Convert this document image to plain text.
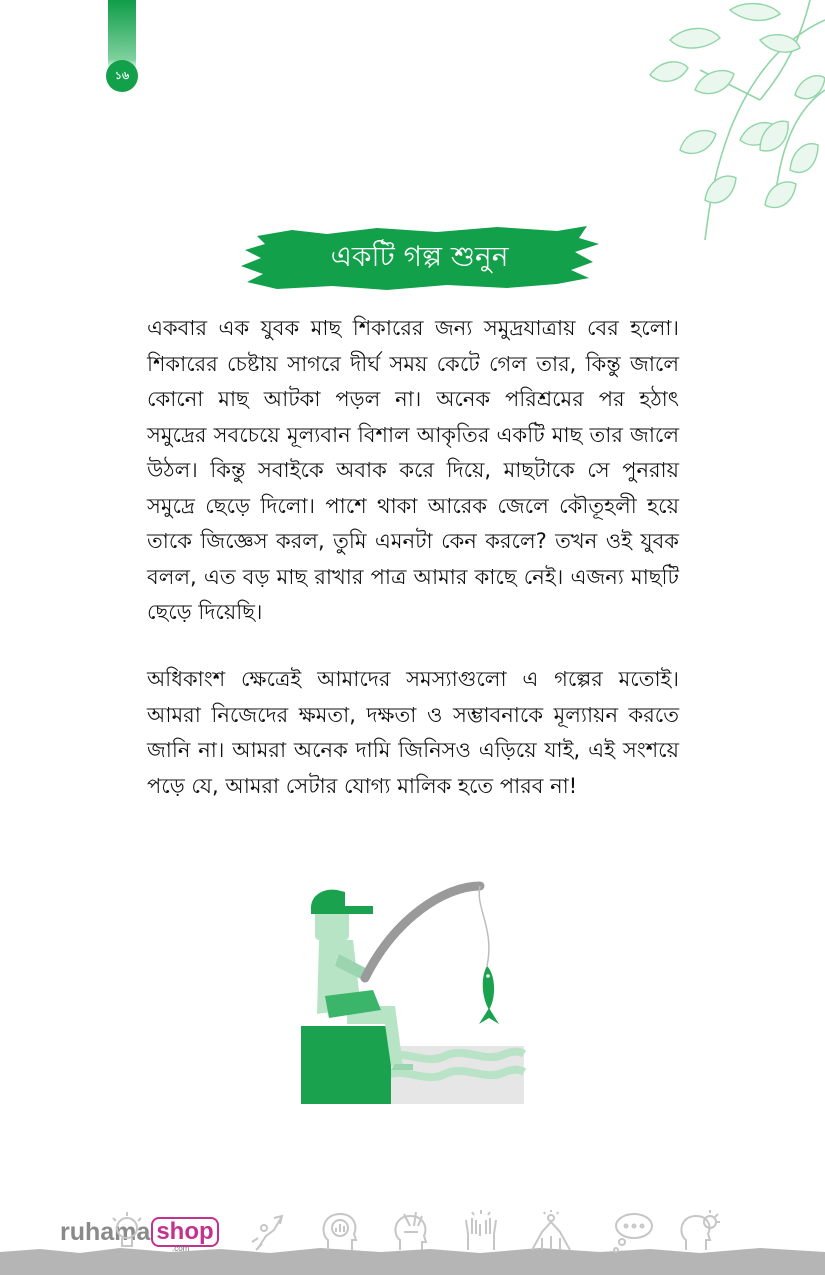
১৬
একটি গল্প শুনুন

একবার এক যুবক মাছ শিকারের জন্য সমুদ্রযাত্রায় বের হলো। শিকারের চেষ্টায় সাগরে দীর্ঘ সময় কেটে গেল তার, কিন্তু জালে কোনো মাছ আটকা পড়ল না। অনেক পরিশ্রমের পর হঠাৎ সমুদ্রের সবচেয়ে মূল্যবান বিশাল আকৃতির একটি মাছ তার জালে উঠল। কিন্তু সবাইকে অবাক করে দিয়ে, মাছটাকে সে পুনরায় সমুদ্রে ছেড়ে দিলো। পাশে থাকা আরেক জেলে কৌতূহলী হয়ে তাকে জিজ্ঞেস করল, তুমি এমনটা কেন করলে? তখন ওই যুবক বলল, এত বড় মাছ রাখার পাত্র আমার কাছে নেই। এজন্য মাছটি ছেড়ে দিয়েছি।

অধিকাংশ ক্ষেত্রেই আমাদের সমস্যাগুলো এ গল্পের মতোই। আমরা নিজেদের ক্ষমতা, দক্ষতা ও সম্ভাবনাকে মূল্যায়ন করতে জানি না। আমরা অনেক দামি জিনিসও এড়িয়ে যাই, এই সংশয়ে পড়ে যে, আমরা সেটার যোগ্য মালিক হতে পারব না!

ruhama shop
.com
